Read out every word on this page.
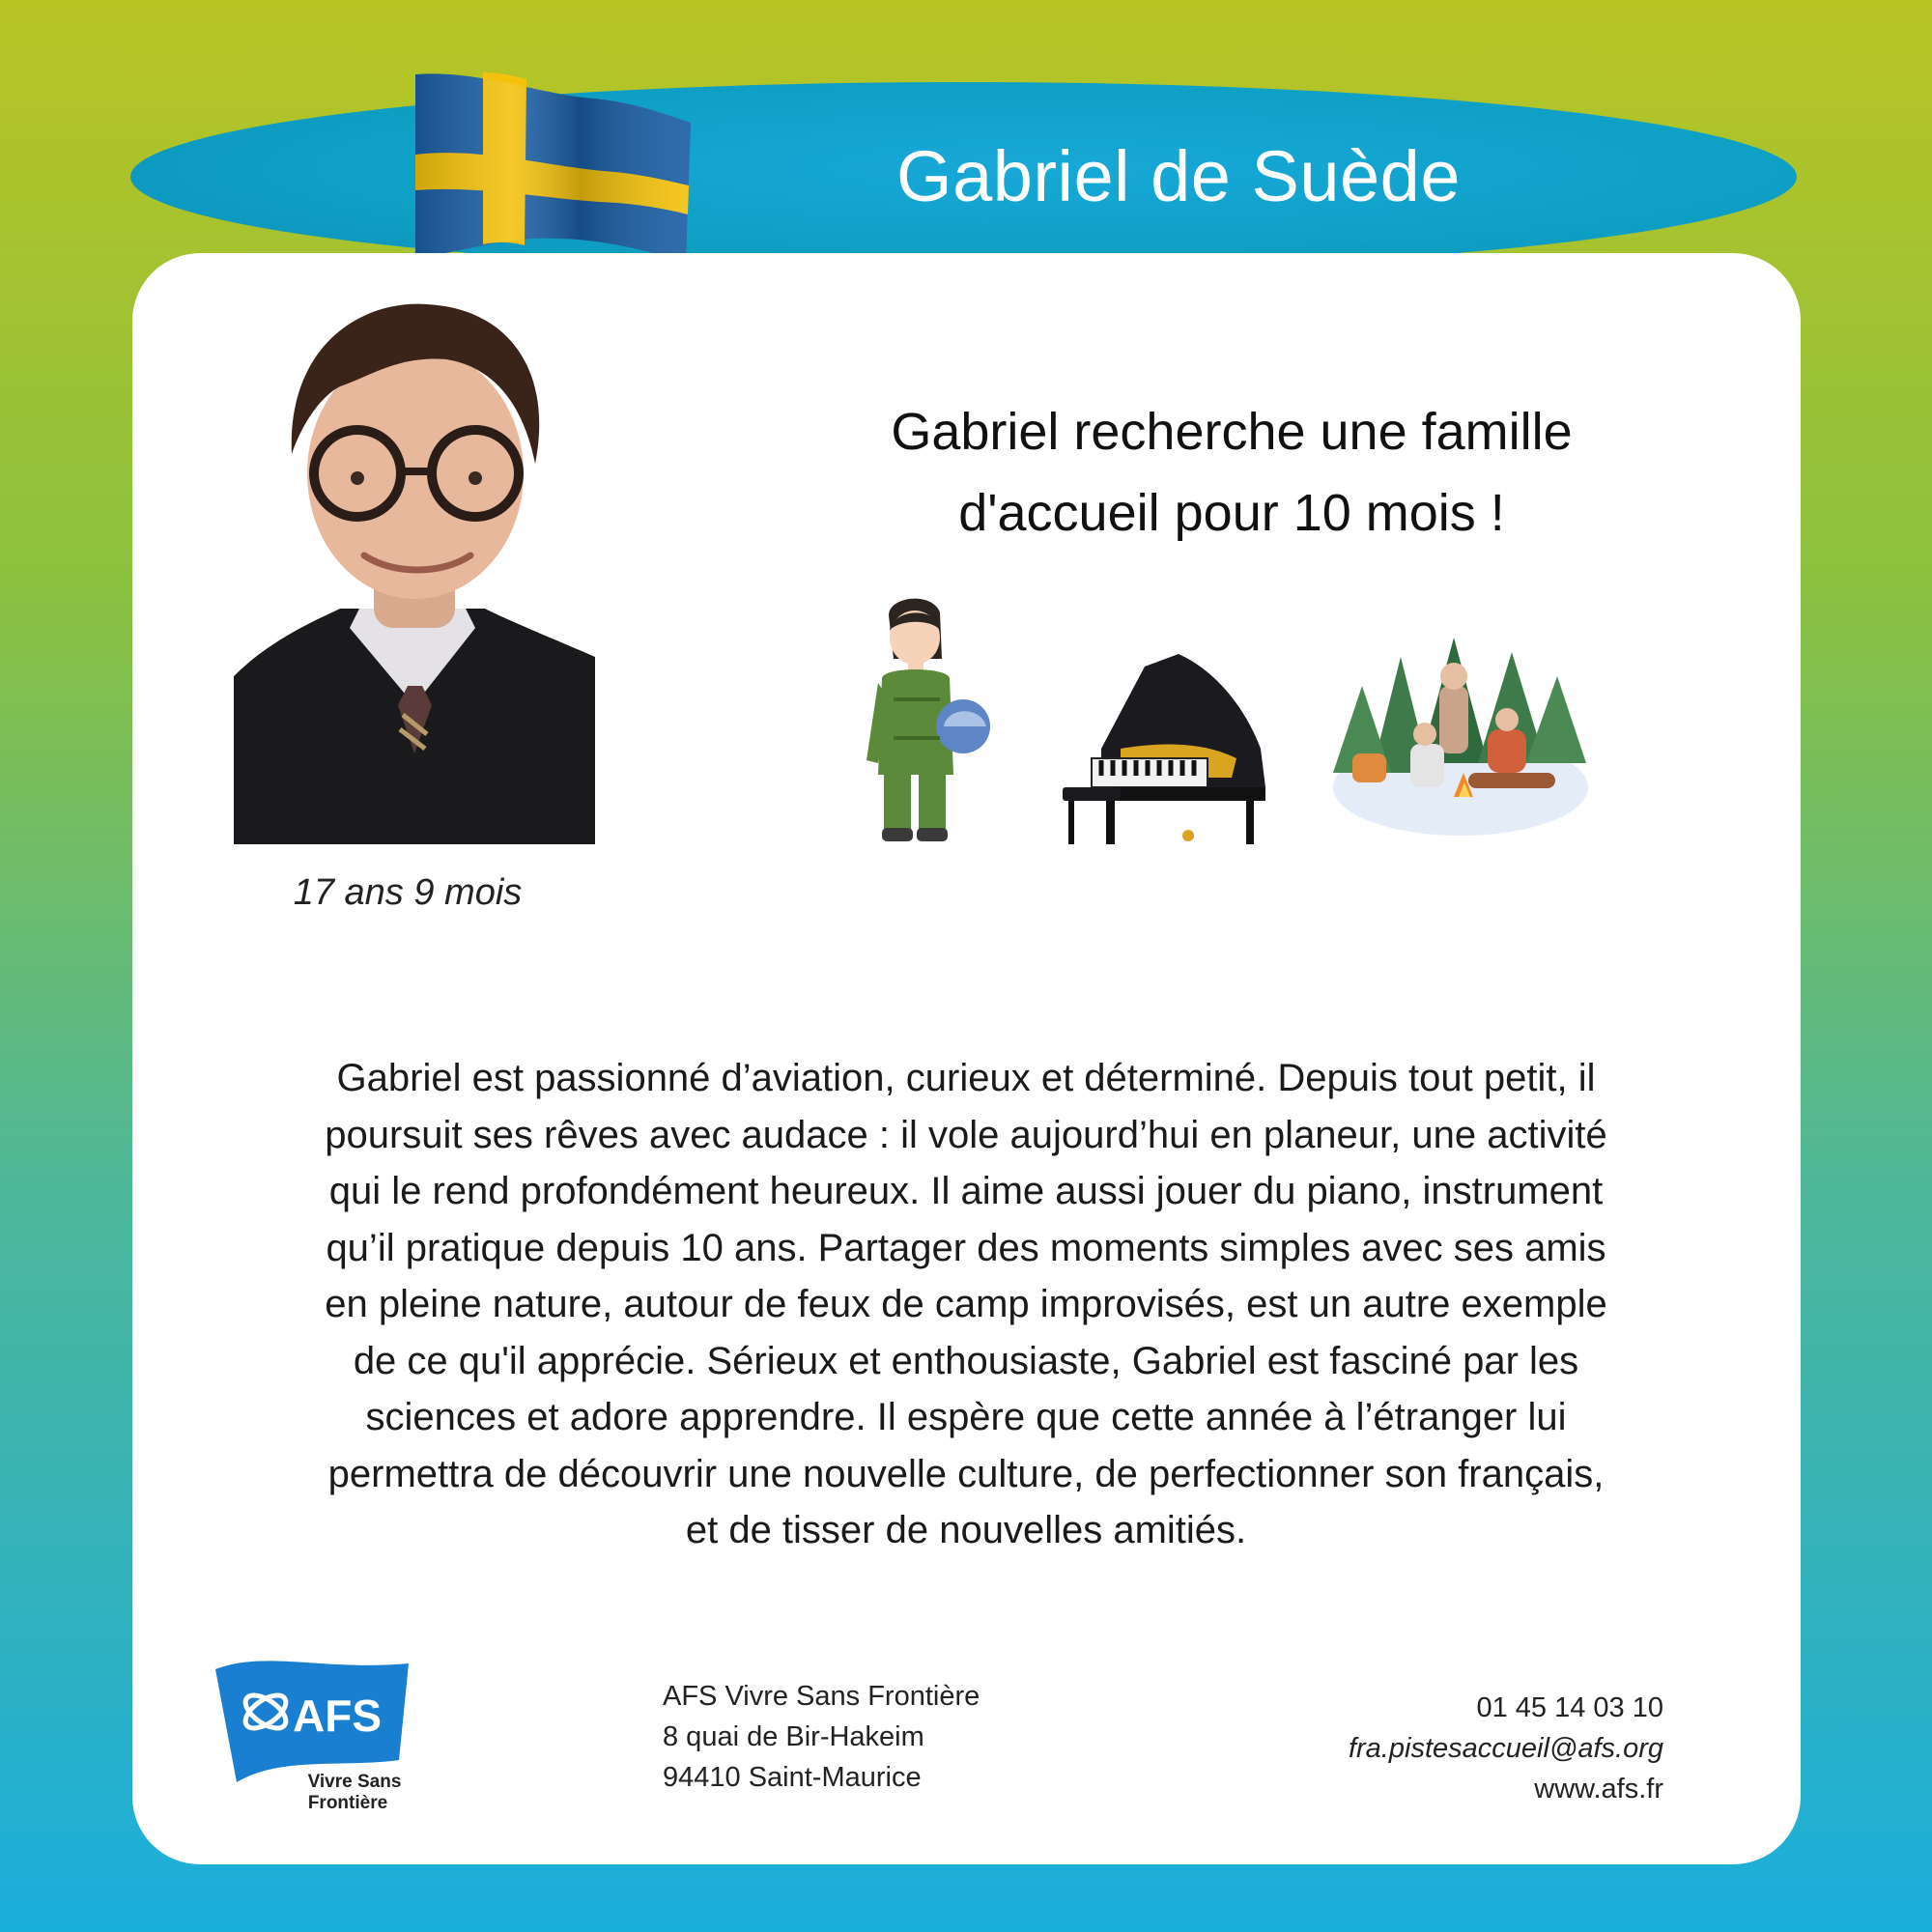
Gabriel de Suède
17 ans 9 mois
Gabriel recherche une famille
d'accueil pour 10 mois !

Gabriel est passionné d’aviation, curieux et déterminé. Depuis tout petit, il
poursuit ses rêves avec audace : il vole aujourd’hui en planeur, une activité
qui le rend profondément heureux. Il aime aussi jouer du piano, instrument
qu’il pratique depuis 10 ans. Partager des moments simples avec ses amis
en pleine nature, autour de feux de camp improvisés, est un autre exemple
de ce qu'il apprécie. Sérieux et enthousiaste, Gabriel est fasciné par les
sciences et adore apprendre. Il espère que cette année à l’étranger lui
permettra de découvrir une nouvelle culture, de perfectionner son français,
et de tisser de nouvelles amitiés.

AFS
Vivre Sans
Frontière
AFS Vivre Sans Frontière
8 quai de Bir-Hakeim
94410 Saint-Maurice
01 45 14 03 10
fra.pistesaccueil@afs.org
www.afs.fr
